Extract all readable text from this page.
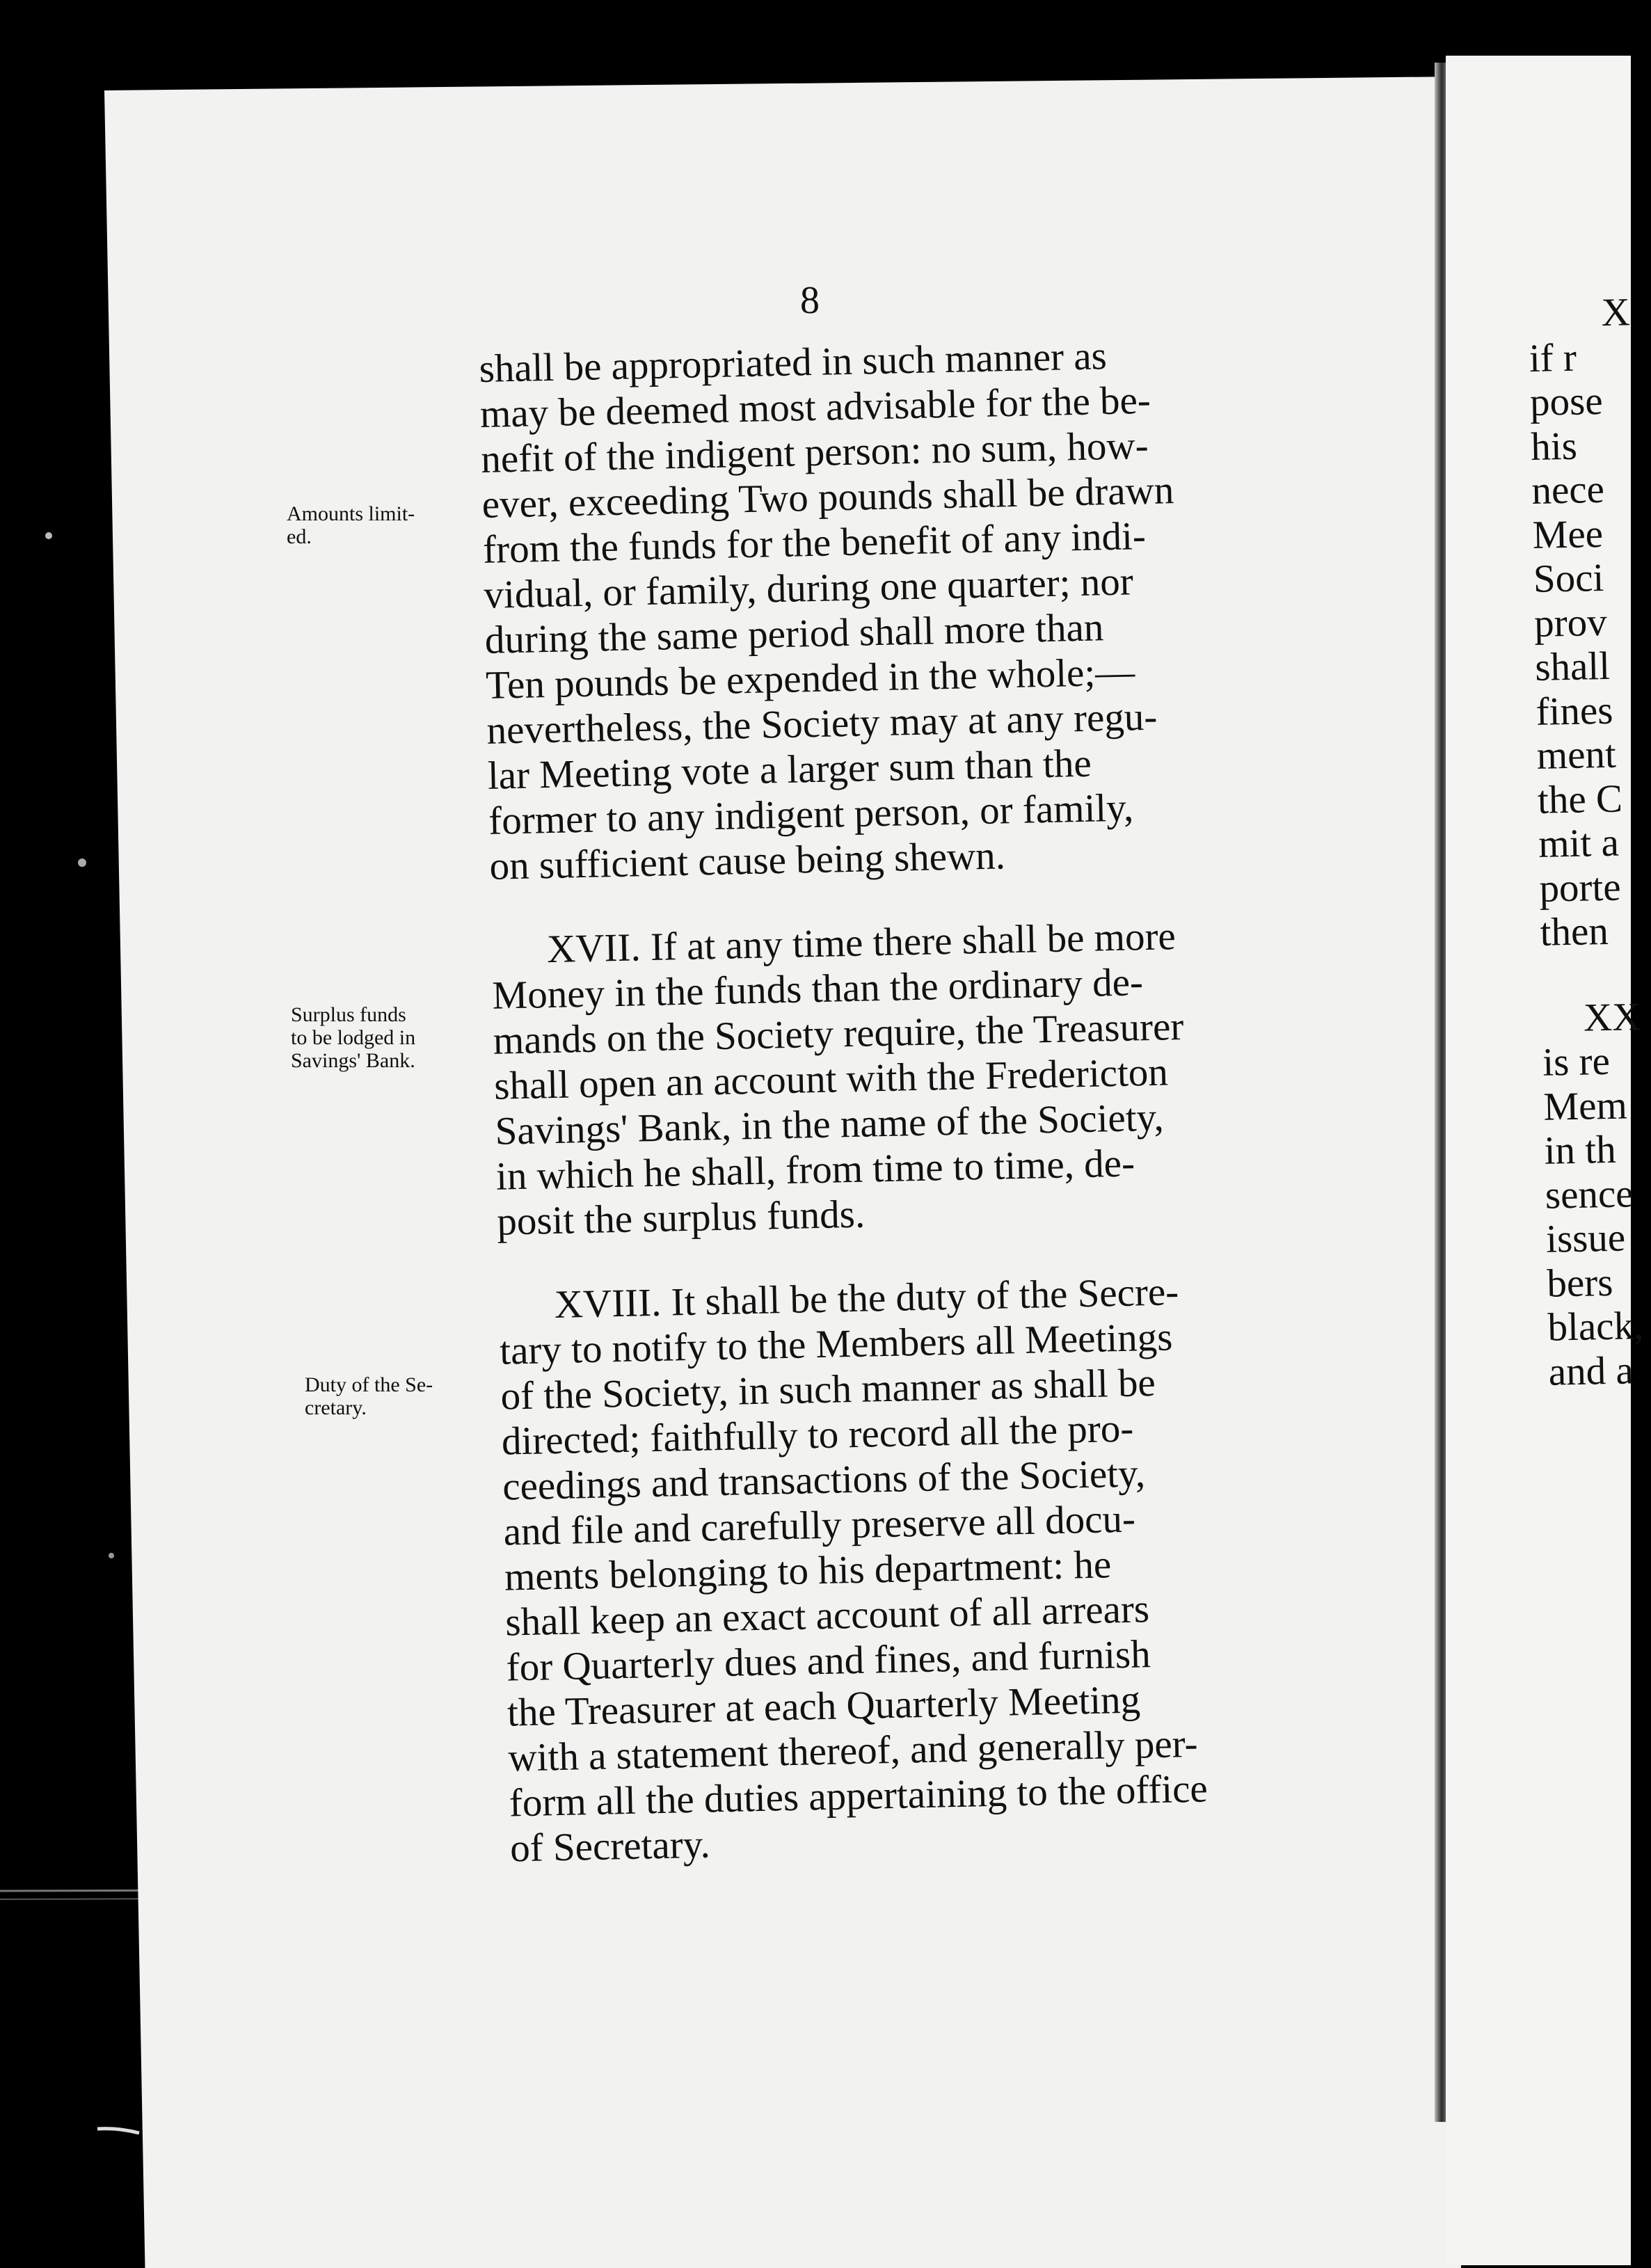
8
Amounts limit-
ed.
Surplus funds
to be lodged in
Savings' Bank.
Duty of the Se-
cretary.
shall be appropriated in such manner as
may be deemed most advisable for the be-
nefit of the indigent person: no sum, how-
ever, exceeding Two pounds shall be drawn
from the funds for the benefit of any indi-
vidual, or family, during one quarter; nor
during the same period shall more than
Ten pounds be expended in the whole;—
nevertheless, the Society may at any regu-
lar Meeting vote a larger sum than the
former to any indigent person, or family,
on sufficient cause being shewn.
XVII. If at any time there shall be more
Money in the funds than the ordinary de-
mands on the Society require, the Treasurer
shall open an account with the Fredericton
Savings' Bank, in the name of the Society,
in which he shall, from time to time, de-
posit the surplus funds.
XVIII. It shall be the duty of the Secre-
tary to notify to the Members all Meetings
of the Society, in such manner as shall be
directed; faithfully to record all the pro-
ceedings and transactions of the Society,
and file and carefully preserve all docu-
ments belonging to his department: he
shall keep an exact account of all arrears
for Quarterly dues and fines, and furnish
the Treasurer at each Quarterly Meeting
with a statement thereof, and generally per-
form all the duties appertaining to the office
of Secretary.
X
if r
pose
his
nece
Mee
Soci
prov
shall
fines
ment
the C
mit a
porte
then
XX
is re
Mem
in th
sence
issue
bers
black,
and a
